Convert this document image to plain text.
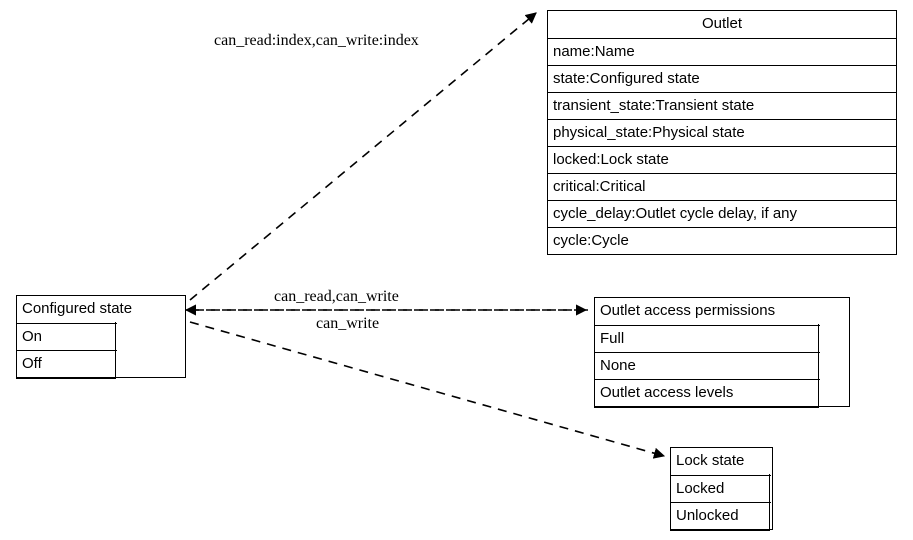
Outlet
name:Name
state:Configured state
transient_state:Transient state
physical_state:Physical state
locked:Lock state
critical:Critical
cycle_delay:Outlet cycle delay, if any
cycle:Cycle
Configured state
On
Off
Outlet access permissions
Full
None
Outlet access levels
Lock state
Locked
Unlocked
can_read:index,can_write:index
can_read,can_write
can_write
